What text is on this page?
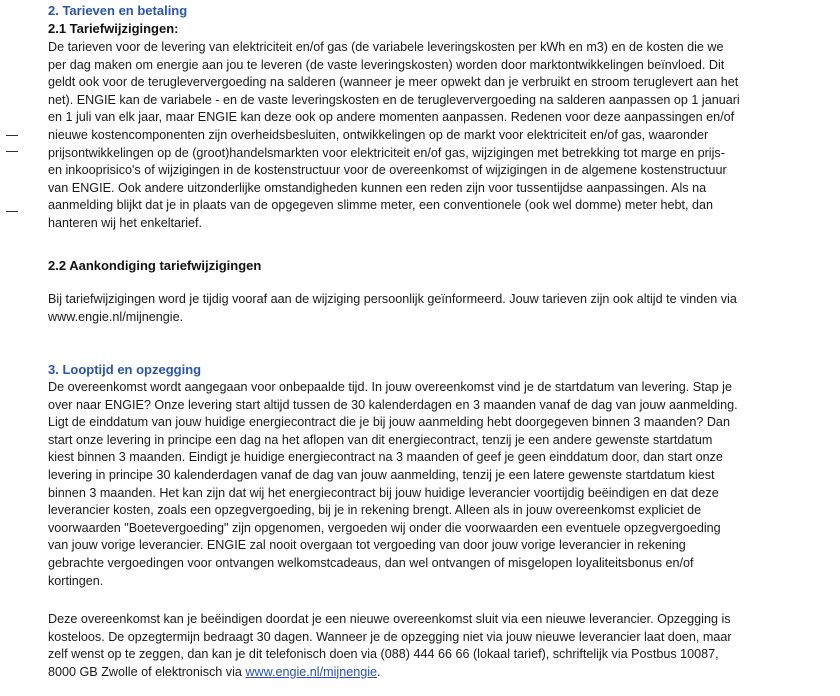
2. Tarieven en betaling
2.1 Tariefwijzigingen:
De tarieven voor de levering van elektriciteit en/of gas (de variabele leveringskosten per kWh en m3) en de kosten die we
per dag maken om energie aan jou te leveren (de vaste leveringskosten) worden door marktontwikkelingen beïnvloed. Dit
geldt ook voor de terugleververgoeding na salderen (wanneer je meer opwekt dan je verbruikt en stroom teruglevert aan het
net). ENGIE kan de variabele - en de vaste leveringskosten en de terugleververgoeding na salderen aanpassen op 1 januari
en 1 juli van elk jaar, maar ENGIE kan deze ook op andere momenten aanpassen. Redenen voor deze aanpassingen en/of
nieuwe kostencomponenten zijn overheidsbesluiten, ontwikkelingen op de markt voor elektriciteit en/of gas, waaronder
prijsontwikkelingen op de (groot)handelsmarkten voor elektriciteit en/of gas, wijzigingen met betrekking tot marge en prijs-
en inkooprisico's of wijzigingen in de kostenstructuur voor de overeenkomst of wijzigingen in de algemene kostenstructuur
van ENGIE. Ook andere uitzonderlijke omstandigheden kunnen een reden zijn voor tussentijdse aanpassingen. Als na
aanmelding blijkt dat je in plaats van de opgegeven slimme meter, een conventionele (ook wel domme) meter hebt, dan
hanteren wij het enkeltarief.
2.2 Aankondiging tariefwijzigingen
Bij tariefwijzigingen word je tijdig vooraf aan de wijziging persoonlijk geïnformeerd. Jouw tarieven zijn ook altijd te vinden via
www.engie.nl/mijnengie.
3. Looptijd en opzegging
De overeenkomst wordt aangegaan voor onbepaalde tijd. In jouw overeenkomst vind je de startdatum van levering. Stap je
over naar ENGIE? Onze levering start altijd tussen de 30 kalenderdagen en 3 maanden vanaf de dag van jouw aanmelding.
Ligt de einddatum van jouw huidige energiecontract die je bij jouw aanmelding hebt doorgegeven binnen 3 maanden? Dan
start onze levering in principe een dag na het aflopen van dit energiecontract, tenzij je een andere gewenste startdatum
kiest binnen 3 maanden. Eindigt je huidige energiecontract na 3 maanden of geef je geen einddatum door, dan start onze
levering in principe 30 kalenderdagen vanaf de dag van jouw aanmelding, tenzij je een latere gewenste startdatum kiest
binnen 3 maanden. Het kan zijn dat wij het energiecontract bij jouw huidige leverancier voortijdig beëindigen en dat deze
leverancier kosten, zoals een opzegvergoeding, bij je in rekening brengt. Alleen als in jouw overeenkomst expliciet de
voorwaarden "Boetevergoeding" zijn opgenomen, vergoeden wij onder die voorwaarden een eventuele opzegvergoeding
van jouw vorige leverancier. ENGIE zal nooit overgaan tot vergoeding van door jouw vorige leverancier in rekening
gebrachte vergoedingen voor ontvangen welkomstcadeaus, dan wel ontvangen of misgelopen loyaliteitsbonus en/of
kortingen.
Deze overeenkomst kan je beëindigen doordat je een nieuwe overeenkomst sluit via een nieuwe leverancier. Opzegging is
kosteloos. De opzegtermijn bedraagt 30 dagen. Wanneer je de opzegging niet via jouw nieuwe leverancier laat doen, maar
zelf wenst op te zeggen, dan kan je dit telefonisch doen via (088) 444 66 66 (lokaal tarief), schriftelijk via Postbus 10087,
8000 GB Zwolle of elektronisch via www.engie.nl/mijnengie.
